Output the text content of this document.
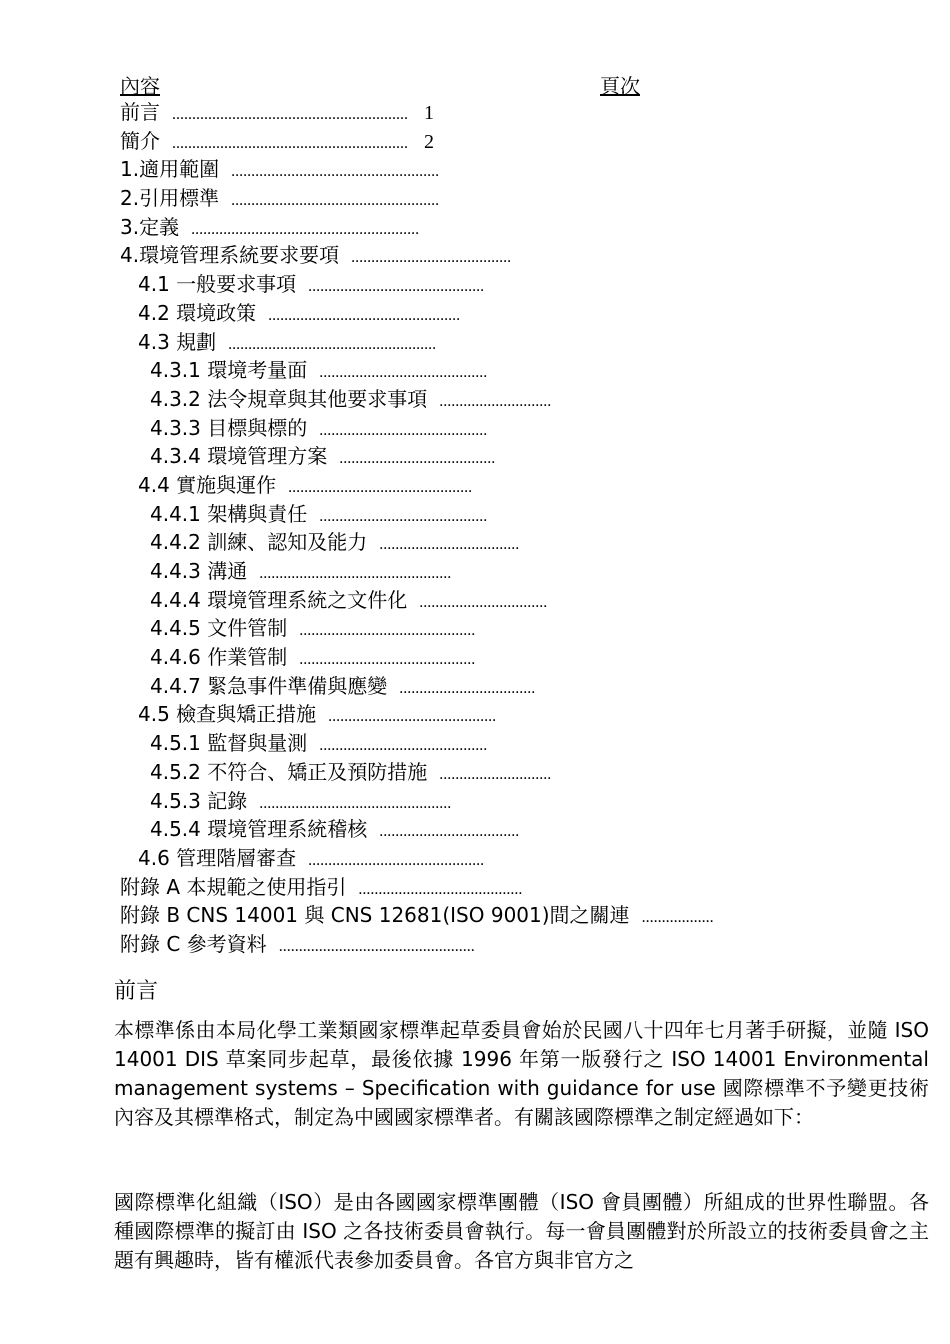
內容	頁次
前言 ........................................................... 1
簡介 ........................................................... 2
1.適用範圍 ....................................................
2.引用標準 ....................................................
3.定義 .........................................................
4.環境管理系統要求要項 ........................................
4.1 一般要求事項 ............................................
4.2 環境政策 ................................................
4.3 規劃 ....................................................
4.3.1 環境考量面 ..........................................
4.3.2 法令規章與其他要求事項 ............................
4.3.3 目標與標的 ..........................................
4.3.4 環境管理方案 .......................................
4.4 實施與運作 ..............................................
4.4.1 架構與責任 ..........................................
4.4.2 訓練、認知及能力 ...................................
4.4.3 溝通 ................................................
4.4.4 環境管理系統之文件化 ................................
4.4.5 文件管制 ............................................
4.4.6 作業管制 ............................................
4.4.7 緊急事件準備與應變 ..................................
4.5 檢查與矯正措施 ..........................................
4.5.1 監督與量測 ..........................................
4.5.2 不符合、矯正及預防措施 ............................
4.5.3 記錄 ................................................
4.5.4 環境管理系統稽核 ...................................
4.6 管理階層審查 ............................................
附錄 A 本規範之使用指引 .........................................
附錄 B CNS 14001 與 CNS 12681(ISO 9001)間之關連 ..................
附錄 C 參考資料 .................................................
前言
本標準係由本局化學工業類國家標準起草委員會始於民國八十四年七月著手研擬，並隨 ISO 14001 DIS 草案同步起草，最後依據 1996 年第一版發行之 ISO 14001 Environmental management systems – Specification with guidance for use 國際標準不予變更技術內容及其標準格式，制定為中國國家標準者。有關該國際標準之制定經過如下：
國際標準化組織（ISO）是由各國國家標準團體（ISO 會員團體）所組成的世界性聯盟。各種國際標準的擬訂由 ISO 之各技術委員會執行。每一會員團體對於所設立的技術委員會之主題有興趣時，皆有權派代表參加委員會。各官方與非官方之
